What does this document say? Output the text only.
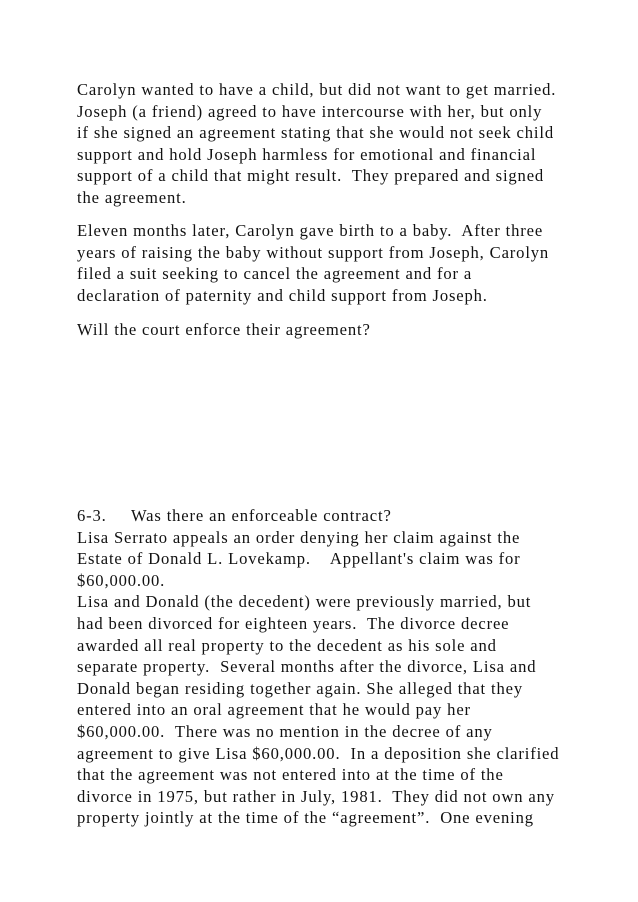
Carolyn wanted to have a child, but did not want to get married.
Joseph (a friend) agreed to have intercourse with her, but only
if she signed an agreement stating that she would not seek child
support and hold Joseph harmless for emotional and financial
support of a child that might result.  They prepared and signed
the agreement.
Eleven months later, Carolyn gave birth to a baby.  After three
years of raising the baby without support from Joseph, Carolyn
filed a suit seeking to cancel the agreement and for a
declaration of paternity and child support from Joseph.
Will the court enforce their agreement?
6-3. Was there an enforceable contract?
Lisa Serrato appeals an order denying her claim against the
Estate of Donald L. Lovekamp.    Appellant's claim was for
$60,000.00.
Lisa and Donald (the decedent) were previously married, but
had been divorced for eighteen years.  The divorce decree
awarded all real property to the decedent as his sole and
separate property.  Several months after the divorce, Lisa and
Donald began residing together again. She alleged that they
entered into an oral agreement that he would pay her
$60,000.00.  There was no mention in the decree of any
agreement to give Lisa $60,000.00.  In a deposition she clarified
that the agreement was not entered into at the time of the
divorce in 1975, but rather in July, 1981.  They did not own any
property jointly at the time of the “agreement”.  One evening
